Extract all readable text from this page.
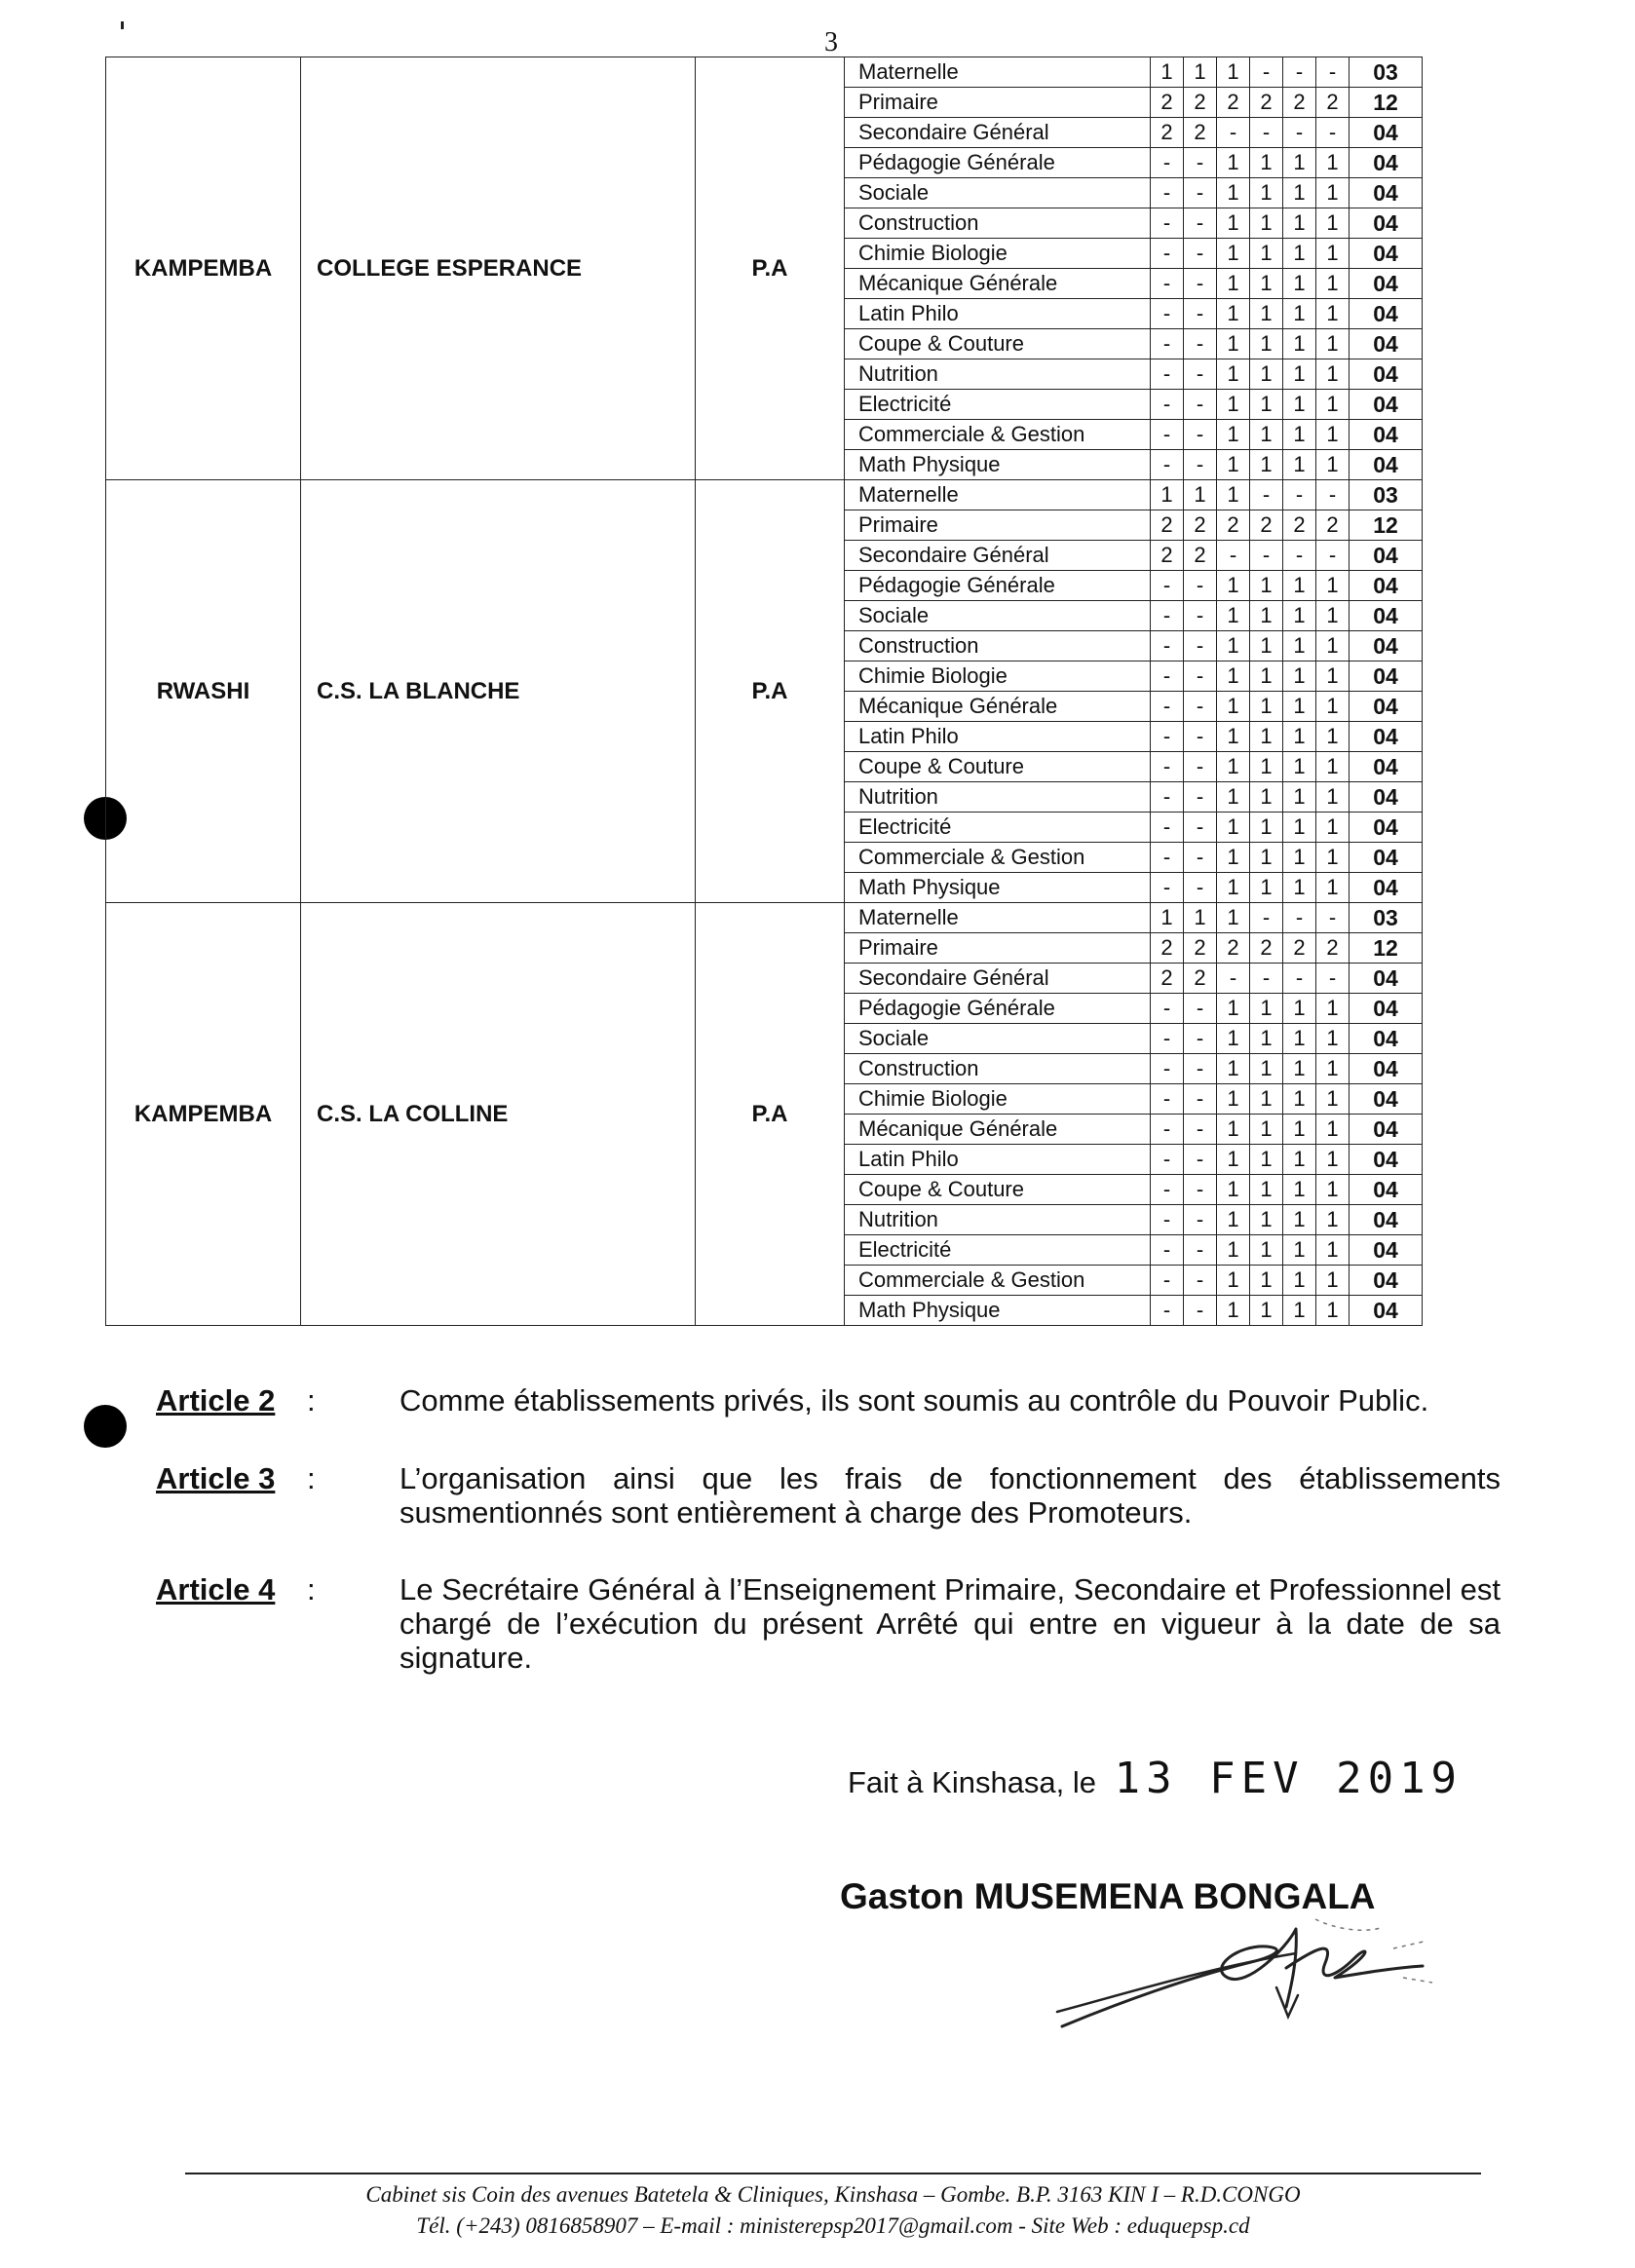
3
KAMPEMBA	COLLEGE ESPERANCE	P.A	Maternelle	1	1	1	-	-	-	03
			Primaire	2	2	2	2	2	2	12
			Secondaire Général	2	2	-	-	-	-	04
			Pédagogie Générale	-	-	1	1	1	1	04
			Sociale	-	-	1	1	1	1	04
			Construction	-	-	1	1	1	1	04
			Chimie Biologie	-	-	1	1	1	1	04
			Mécanique Générale	-	-	1	1	1	1	04
			Latin Philo	-	-	1	1	1	1	04
			Coupe & Couture	-	-	1	1	1	1	04
			Nutrition	-	-	1	1	1	1	04
			Electricité	-	-	1	1	1	1	04
			Commerciale & Gestion	-	-	1	1	1	1	04
			Math Physique	-	-	1	1	1	1	04
RWASHI	C.S. LA BLANCHE	P.A	Maternelle	1	1	1	-	-	-	03
			Primaire	2	2	2	2	2	2	12
			Secondaire Général	2	2	-	-	-	-	04
			Pédagogie Générale	-	-	1	1	1	1	04
			Sociale	-	-	1	1	1	1	04
			Construction	-	-	1	1	1	1	04
			Chimie Biologie	-	-	1	1	1	1	04
			Mécanique Générale	-	-	1	1	1	1	04
			Latin Philo	-	-	1	1	1	1	04
			Coupe & Couture	-	-	1	1	1	1	04
			Nutrition	-	-	1	1	1	1	04
			Electricité	-	-	1	1	1	1	04
			Commerciale & Gestion	-	-	1	1	1	1	04
			Math Physique	-	-	1	1	1	1	04
KAMPEMBA	C.S. LA COLLINE	P.A	Maternelle	1	1	1	-	-	-	03
			Primaire	2	2	2	2	2	2	12
			Secondaire Général	2	2	-	-	-	-	04
			Pédagogie Générale	-	-	1	1	1	1	04
			Sociale	-	-	1	1	1	1	04
			Construction	-	-	1	1	1	1	04
			Chimie Biologie	-	-	1	1	1	1	04
			Mécanique Générale	-	-	1	1	1	1	04
			Latin Philo	-	-	1	1	1	1	04
			Coupe & Couture	-	-	1	1	1	1	04
			Nutrition	-	-	1	1	1	1	04
			Electricité	-	-	1	1	1	1	04
			Commerciale & Gestion	-	-	1	1	1	1	04
			Math Physique	-	-	1	1	1	1	04
Article 2 :	Comme établissements privés, ils sont soumis au contrôle du Pouvoir Public.
Article 3 :	L’organisation ainsi que les frais de fonctionnement des établissements susmentionnés sont entièrement à charge des Promoteurs.
Article 4 :	Le Secrétaire Général à l’Enseignement Primaire, Secondaire et Professionnel est chargé de l’exécution du présent Arrêté qui entre en vigueur à la date de sa signature.
Fait à Kinshasa, le 13 FEV 2019
Gaston MUSEMENA BONGALA
Cabinet sis Coin des avenues Batetela & Cliniques, Kinshasa – Gombe. B.P. 3163 KIN I – R.D.CONGO
Tél. (+243) 0816858907 – E-mail : ministerepsp2017@gmail.com - Site Web : eduquepsp.cd
